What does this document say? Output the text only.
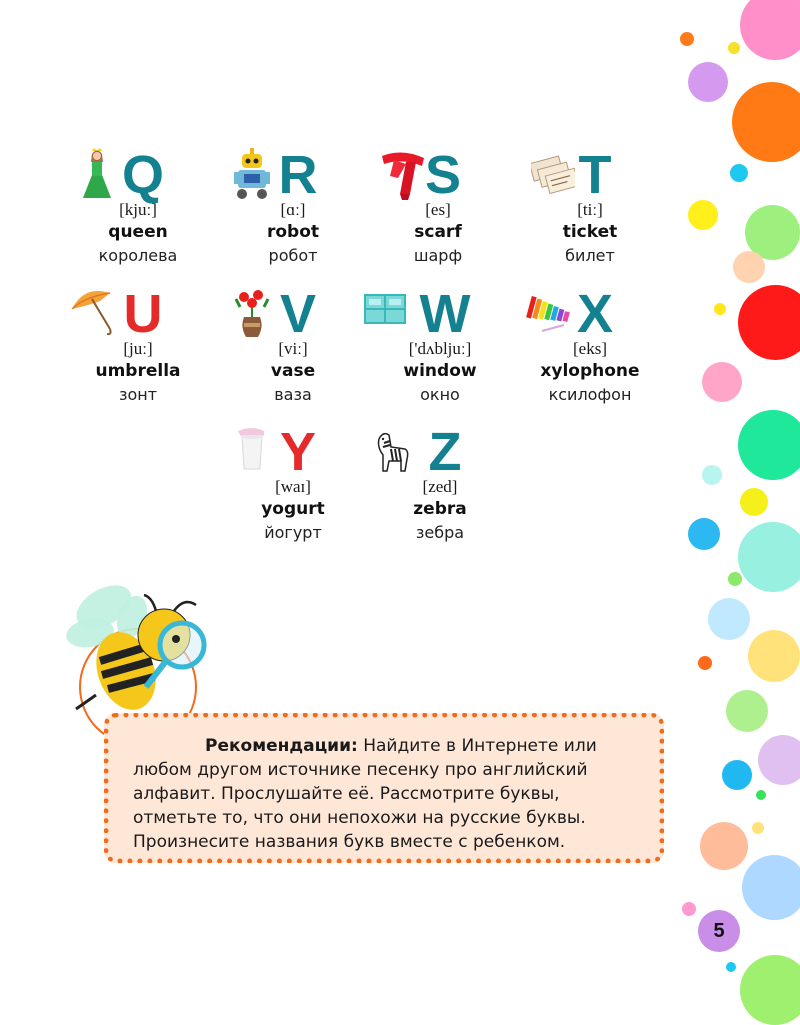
Q
[kjuː]
queen
королева
R
[ɑː]
robot
робот
S
[es]
scarf
шарф
T
[tiː]
ticket
билет
U
[juː]
umbrella
зонт
V
[viː]
vase
ваза
W
['dʌblјuː]
window
окно
X
[eks]
xylophone
ксилофон
Y
[waɪ]
yogurt
йогурт
Z
[zed]
zebra
зебра
Рекомендации: Найдите в Интернете или любом другом источнике песенку про английский алфавит. Прослушайте её. Рассмотрите буквы, отметьте то, что они непохожи на русские буквы. Произнесите названия букв вместе с ребенком.
5
